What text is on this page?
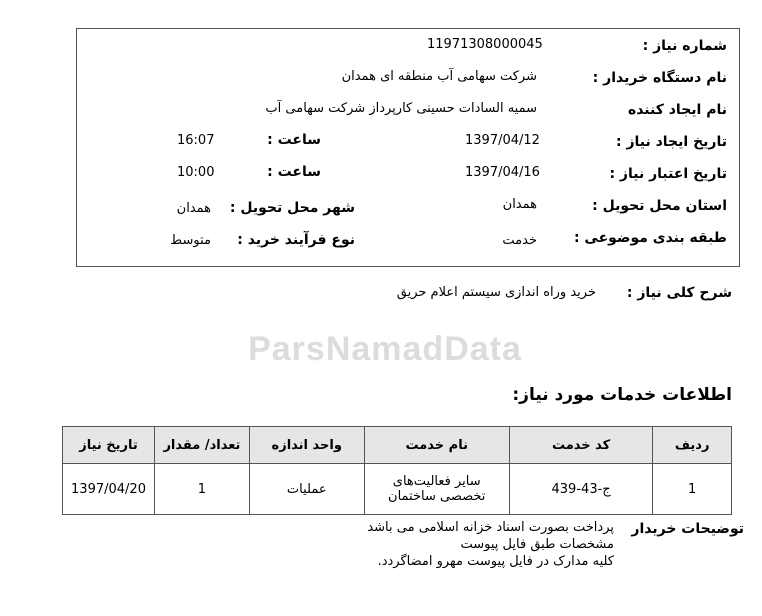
ParsNamadData
شماره نیاز :
11971308000045
نام دستگاه خریدار :
شرکت سهامی آب منطقه ای همدان
نام ایجاد کننده
سمیه السادات حسینی کارپرداز شرکت سهامی آب
تاریخ ایجاد نیاز :
1397/04/12
ساعت :
16:07
تاریخ اعتبار نیاز :
1397/04/16
ساعت :
10:00
استان محل تحویل :
همدان
شهر محل تحویل :
همدان
طبقه بندی موضوعی :
خدمت
نوع فرآیند خرید :
متوسط
شرح کلی نیاز :
خرید وراه اندازی سیستم اعلام حریق
اطلاعات خدمات مورد نیاز:
ردیف	کد خدمت	نام خدمت	واحد اندازه	تعداد/ مقدار	تاریخ نیاز
1	ج-43-439	سایر فعالیت‌های تخصصی ساختمان	عملیات	1	1397/04/20
توضیحات خریدار
پرداخت بصورت اسناد خزانه اسلامی می باشد
مشخصات طبق فایل پیوست
کلیه مدارک در فایل پیوست مهرو امضاگردد.
